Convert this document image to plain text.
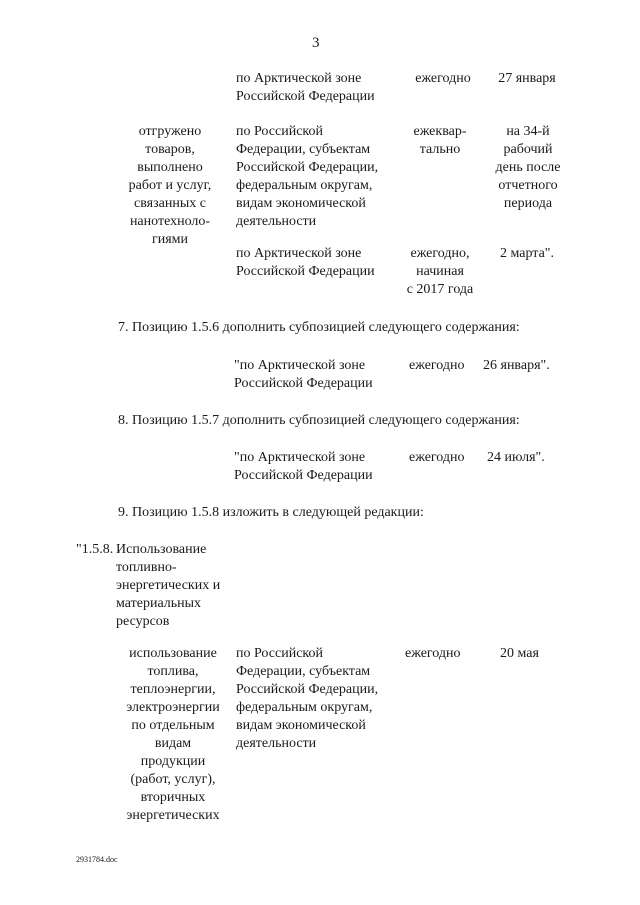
3
по Арктической зоне
Российской Федерации
ежегодно	27 января
отгружено
товаров,
выполнено
работ и услуг,
связанных с
нанотехноло-
гиями
по Российской
Федерации, субъектам
Российской Федерации,
федеральным округам,
видам экономической
деятельности
ежеквар-
тально
на 34-й
рабочий
день после
отчетного
периода
по Арктической зоне
Российской Федерации
ежегодно,
начиная
с 2017 года
2 марта".
7. Позицию 1.5.6 дополнить субпозицией следующего содержания:
"по Арктической зоне
Российской Федерации
ежегодно 26 января".
8. Позицию 1.5.7 дополнить субпозицией следующего содержания:
"по Арктической зоне
Российской Федерации
ежегодно 24 июля".
9. Позицию 1.5.8 изложить в следующей редакции:
"1.5.8. Использование
топливно-
энергетических и
материальных
ресурсов
использование
топлива,
теплоэнергии,
электроэнергии
по отдельным
видам
продукции
(работ, услуг),
вторичных
энергетических
по Российской
Федерации, субъектам
Российской Федерации,
федеральным округам,
видам экономической
деятельности
ежегодно	20 мая
2931784.doc
